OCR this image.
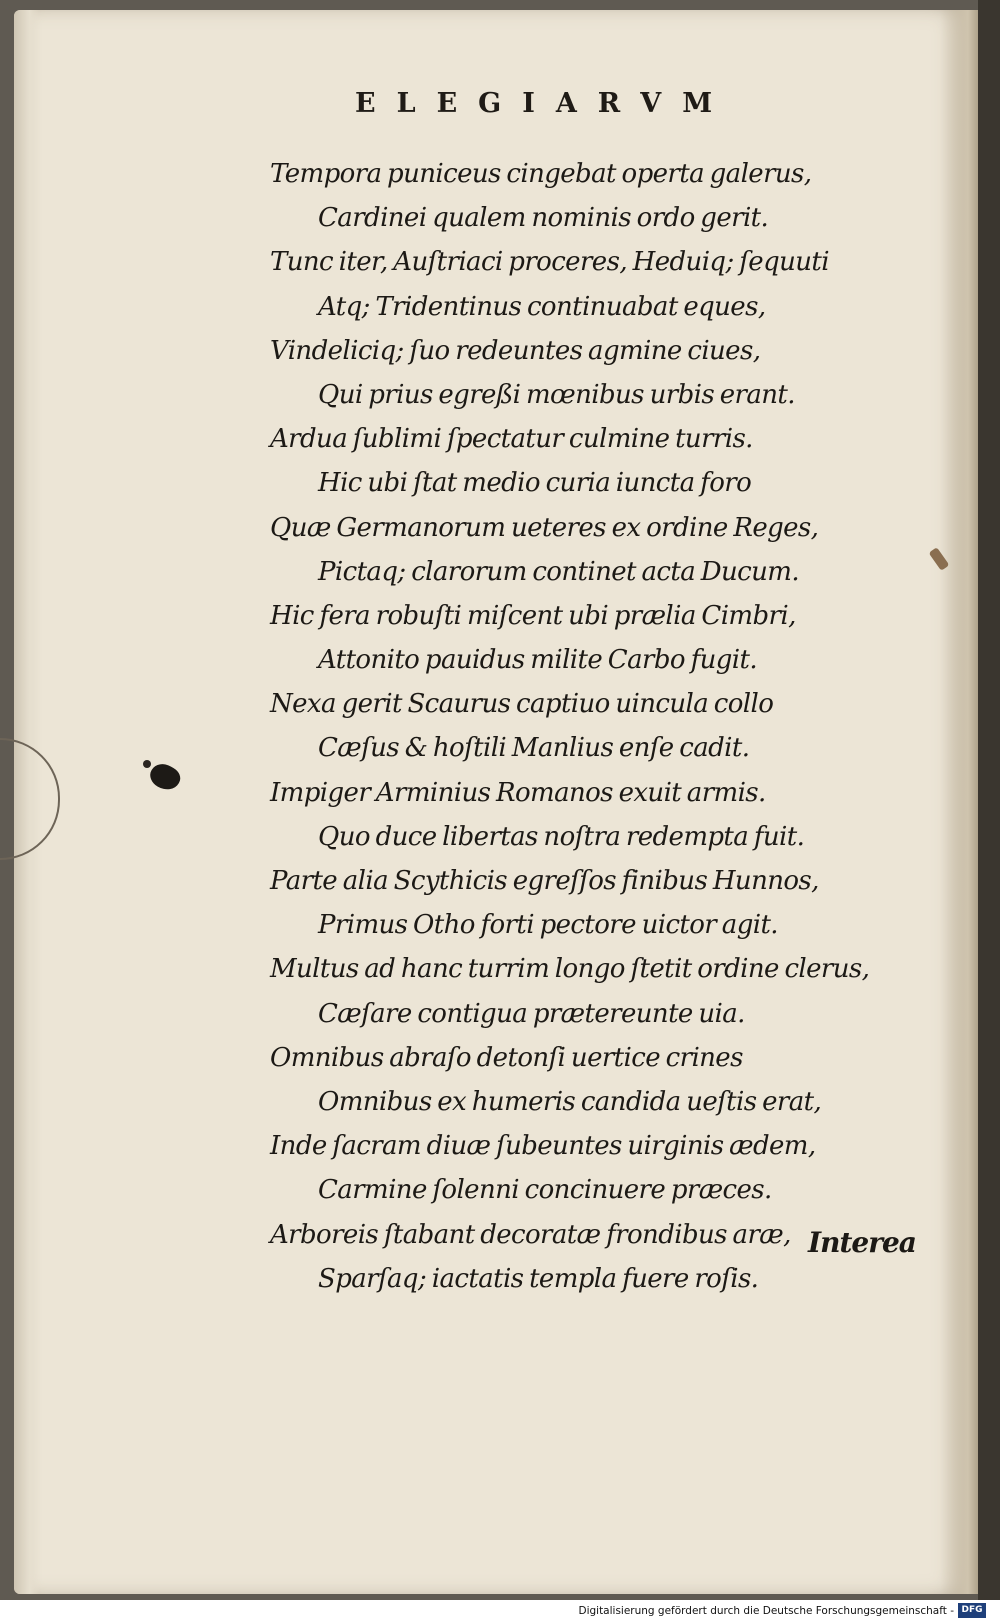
ELEGIARVM
Tempora puniceus cingebat operta galerus,
Cardinei qualem nominis ordo gerit.
Tunc iter, Auſtriaci proceres, Heduiq; ſequuti
Atq; Tridentinus continuabat eques,
Vindeliciq; ſuo redeuntes agmine ciues,
Qui prius egreßi mœnibus urbis erant.
Ardua ſublimi ſpectatur culmine turris.
Hic ubi ſtat medio curia iuncta foro
Quæ Germanorum ueteres ex ordine Reges,
Pictaq; clarorum continet acta Ducum.
Hic fera robuſti miſcent ubi prælia Cimbri,
Attonito pauidus milite Carbo fugit.
Nexa gerit Scaurus captiuo uincula collo
Cæſus & hoſtili Manlius enſe cadit.
Impiger Arminius Romanos exuit armis.
Quo duce libertas noſtra redempta fuit.
Parte alia Scythicis egreſſos finibus Hunnos,
Primus Otho forti pectore uictor agit.
Multus ad hanc turrim longo ſtetit ordine clerus,
Cæſare contigua prætereunte uia.
Omnibus abraſo detonſi uertice crines
Omnibus ex humeris candida ueſtis erat,
Inde ſacram diuæ ſubeuntes uirginis ædem,
Carmine ſolenni concinuere præces.
Arboreis ſtabant decoratæ frondibus aræ,
Sparſaq; iactatis templa fuere roſis.
Interea
Digitalisierung gefördert durch die Deutsche Forschungsgemeinschaft - DFG
